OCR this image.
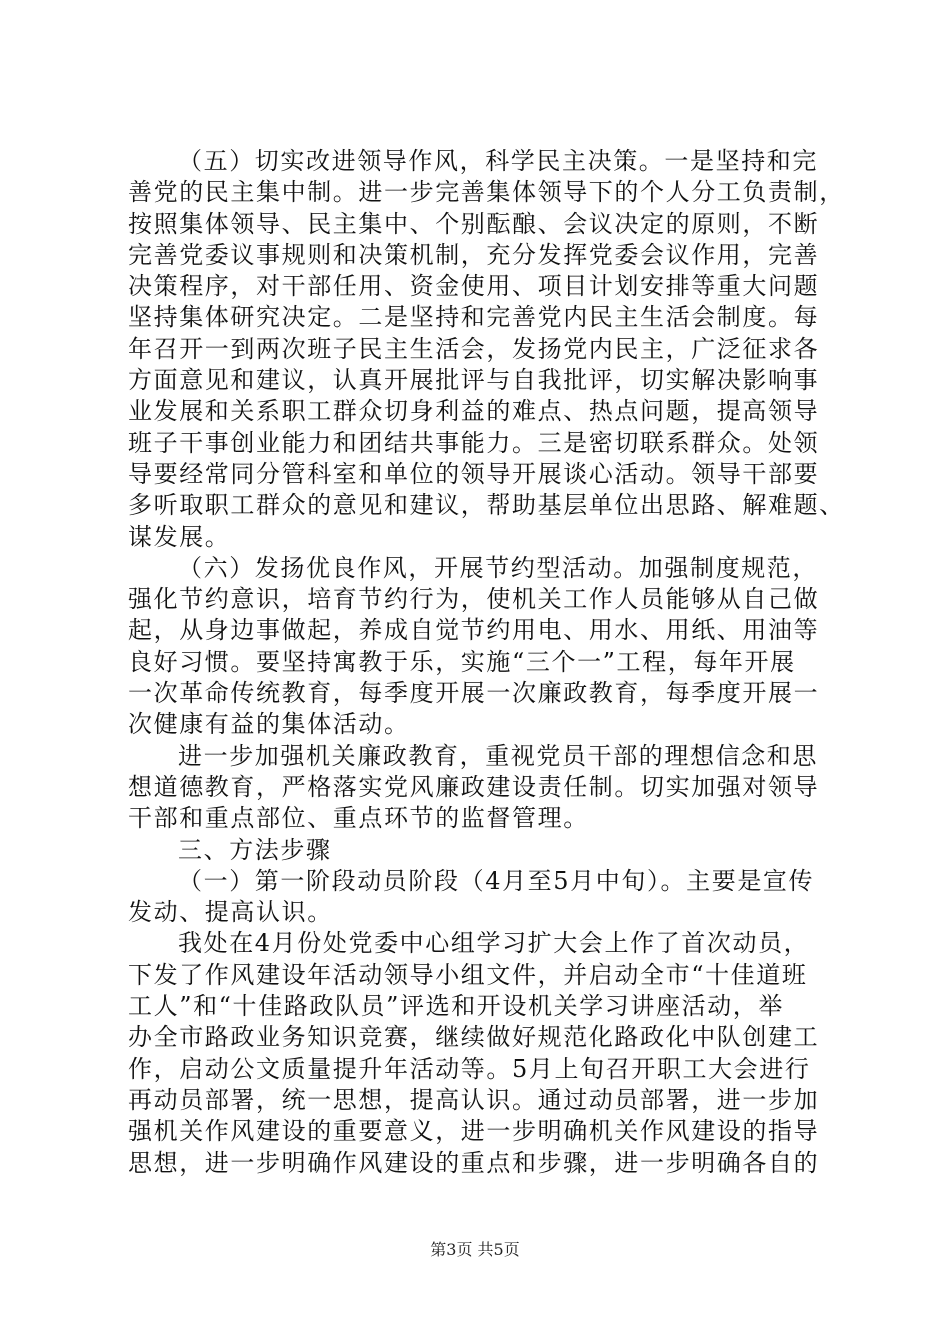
（五）切实改进领导作风，科学民主决策。一是坚持和完
善党的民主集中制。进一步完善集体领导下的个人分工负责制，
按照集体领导、民主集中、个别酝酿、会议决定的原则，不断
完善党委议事规则和决策机制，充分发挥党委会议作用，完善
决策程序，对干部任用、资金使用、项目计划安排等重大问题
坚持集体研究决定。二是坚持和完善党内民主生活会制度。每
年召开一到两次班子民主生活会，发扬党内民主，广泛征求各
方面意见和建议，认真开展批评与自我批评，切实解决影响事
业发展和关系职工群众切身利益的难点、热点问题，提高领导
班子干事创业能力和团结共事能力。三是密切联系群众。处领
导要经常同分管科室和单位的领导开展谈心活动。领导干部要
多听取职工群众的意见和建议，帮助基层单位出思路、解难题、
谋发展。
（六）发扬优良作风，开展节约型活动。加强制度规范，
强化节约意识，培育节约行为，使机关工作人员能够从自己做
起，从身边事做起，养成自觉节约用电、用水、用纸、用油等
良好习惯。要坚持寓教于乐，实施“三个一”工程，每年开展
一次革命传统教育，每季度开展一次廉政教育，每季度开展一
次健康有益的集体活动。
进一步加强机关廉政教育，重视党员干部的理想信念和思
想道德教育，严格落实党风廉政建设责任制。切实加强对领导
干部和重点部位、重点环节的监督管理。
三、方法步骤
（一）第一阶段动员阶段（4月至5月中旬）。主要是宣传
发动、提高认识。
我处在4月份处党委中心组学习扩大会上作了首次动员，
下发了作风建设年活动领导小组文件，并启动全市“十佳道班
工人”和“十佳路政队员”评选和开设机关学习讲座活动，举
办全市路政业务知识竞赛，继续做好规范化路政化中队创建工
作，启动公文质量提升年活动等。5月上旬召开职工大会进行
再动员部署，统一思想，提高认识。通过动员部署，进一步加
强机关作风建设的重要意义，进一步明确机关作风建设的指导
思想，进一步明确作风建设的重点和步骤，进一步明确各自的
第3页 共5页
